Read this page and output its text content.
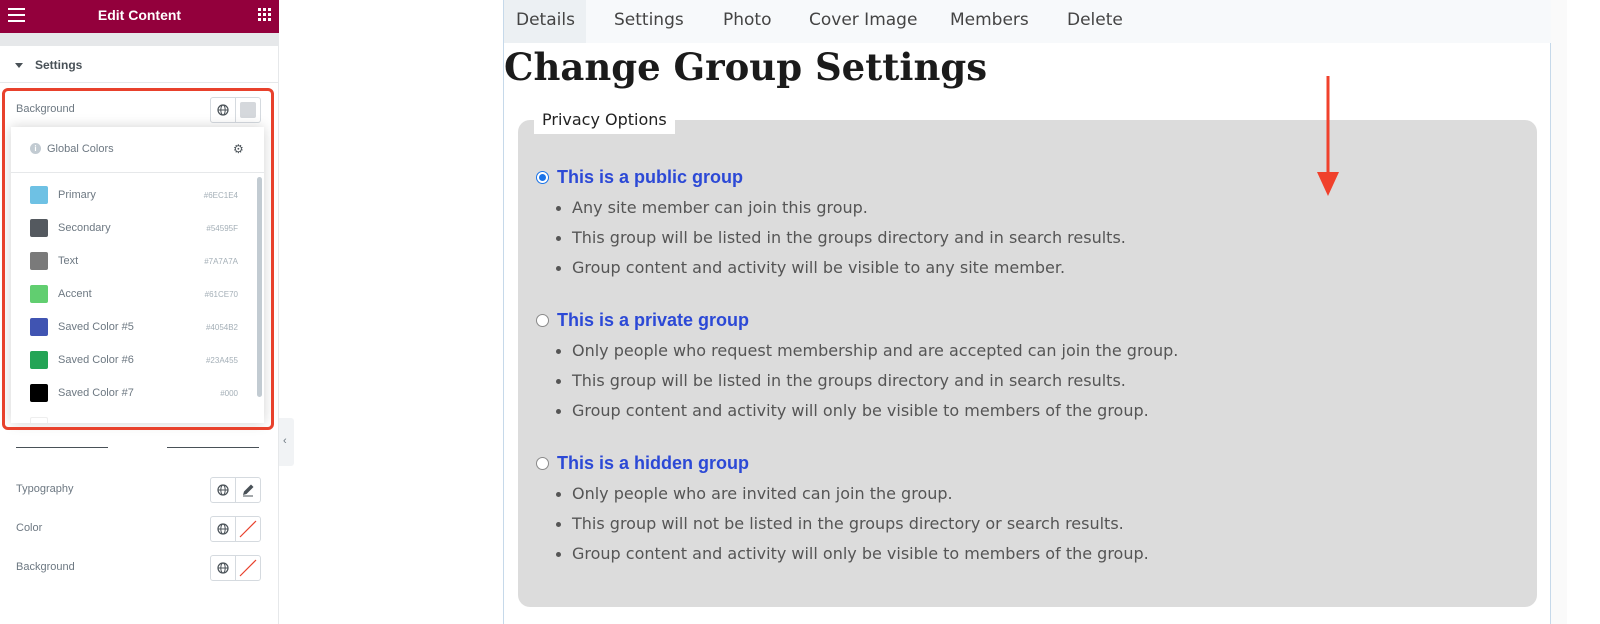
Edit Content
Settings
Background
i Global Colors	⚙
Primary	#6EC1E4
Secondary	#54595F
Text	#7A7A7A
Accent	#61CE70
Saved Color #5	#4054B2
Saved Color #6	#23A455
Saved Color #7	#000
Typography
Color
Background
‹
Details	Settings Photo Cover Image Members Delete
Change Group Settings
Privacy Options
This is a public group
Any site member can join this group.
This group will be listed in the groups directory and in search results.
Group content and activity will be visible to any site member.
This is a private group
Only people who request membership and are accepted can join the group.
This group will be listed in the groups directory and in search results.
Group content and activity will only be visible to members of the group.
This is a hidden group
Only people who are invited can join the group.
This group will not be listed in the groups directory or search results.
Group content and activity will only be visible to members of the group.
